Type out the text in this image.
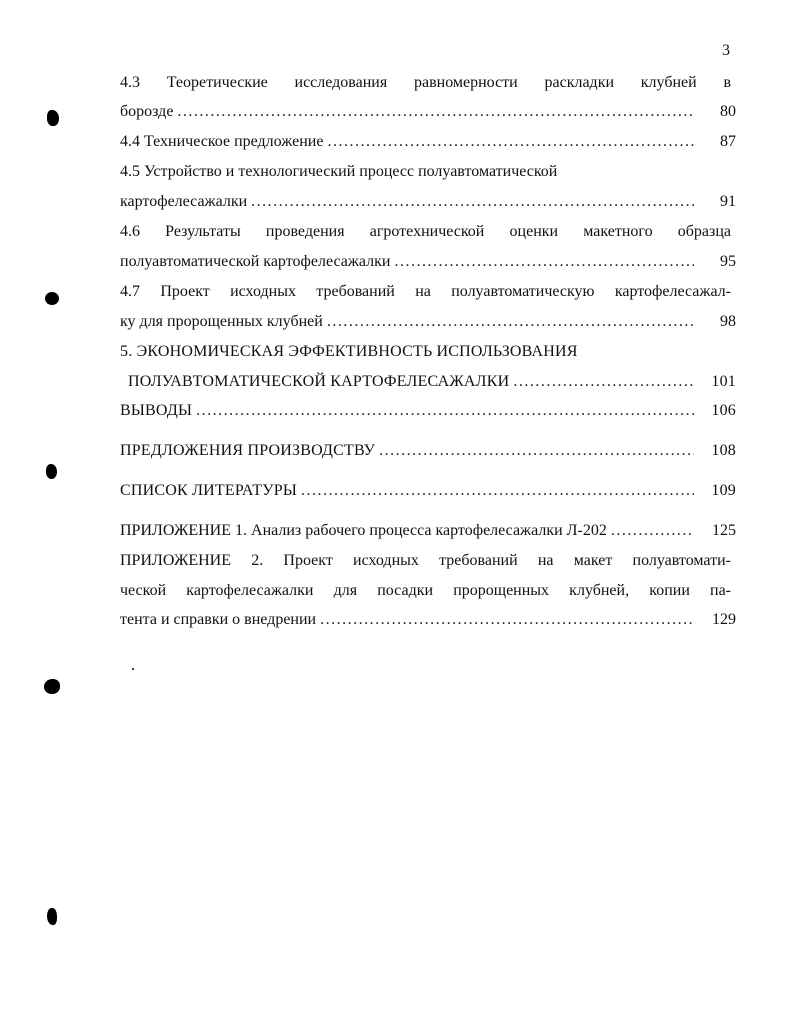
3
4.3 Теоретические исследования равномерности раскладки клубней в
борозде .....	80
4.4 Техническое предложение .....	87
4.5 Устройство и технологический процесс полуавтоматической
картофелесажалки .....	91
4.6 Результаты проведения агротехнической оценки макетного образца
полуавтоматической картофелесажалки .....	95
4.7 Проект исходных требований на полуавтоматическую картофелесажал-
ку для пророщенных клубней .....	98
5. ЭКОНОМИЧЕСКАЯ ЭФФЕКТИВНОСТЬ ИСПОЛЬЗОВАНИЯ
ПОЛУАВТОМАТИЧЕСКОЙ КАРТОФЕЛЕСАЖАЛКИ .....	101
ВЫВОДЫ .....	106
ПРЕДЛОЖЕНИЯ ПРОИЗВОДСТВУ .....	108
СПИСОК ЛИТЕРАТУРЫ .....	109
ПРИЛОЖЕНИЕ 1. Анализ рабочего процесса картофелесажалки Л-202 .....	125
ПРИЛОЖЕНИЕ 2. Проект исходных требований на макет полуавтомати-
ческой картофелесажалки для посадки пророщенных клубней, копии па-
тента и справки о внедрении .....	129
